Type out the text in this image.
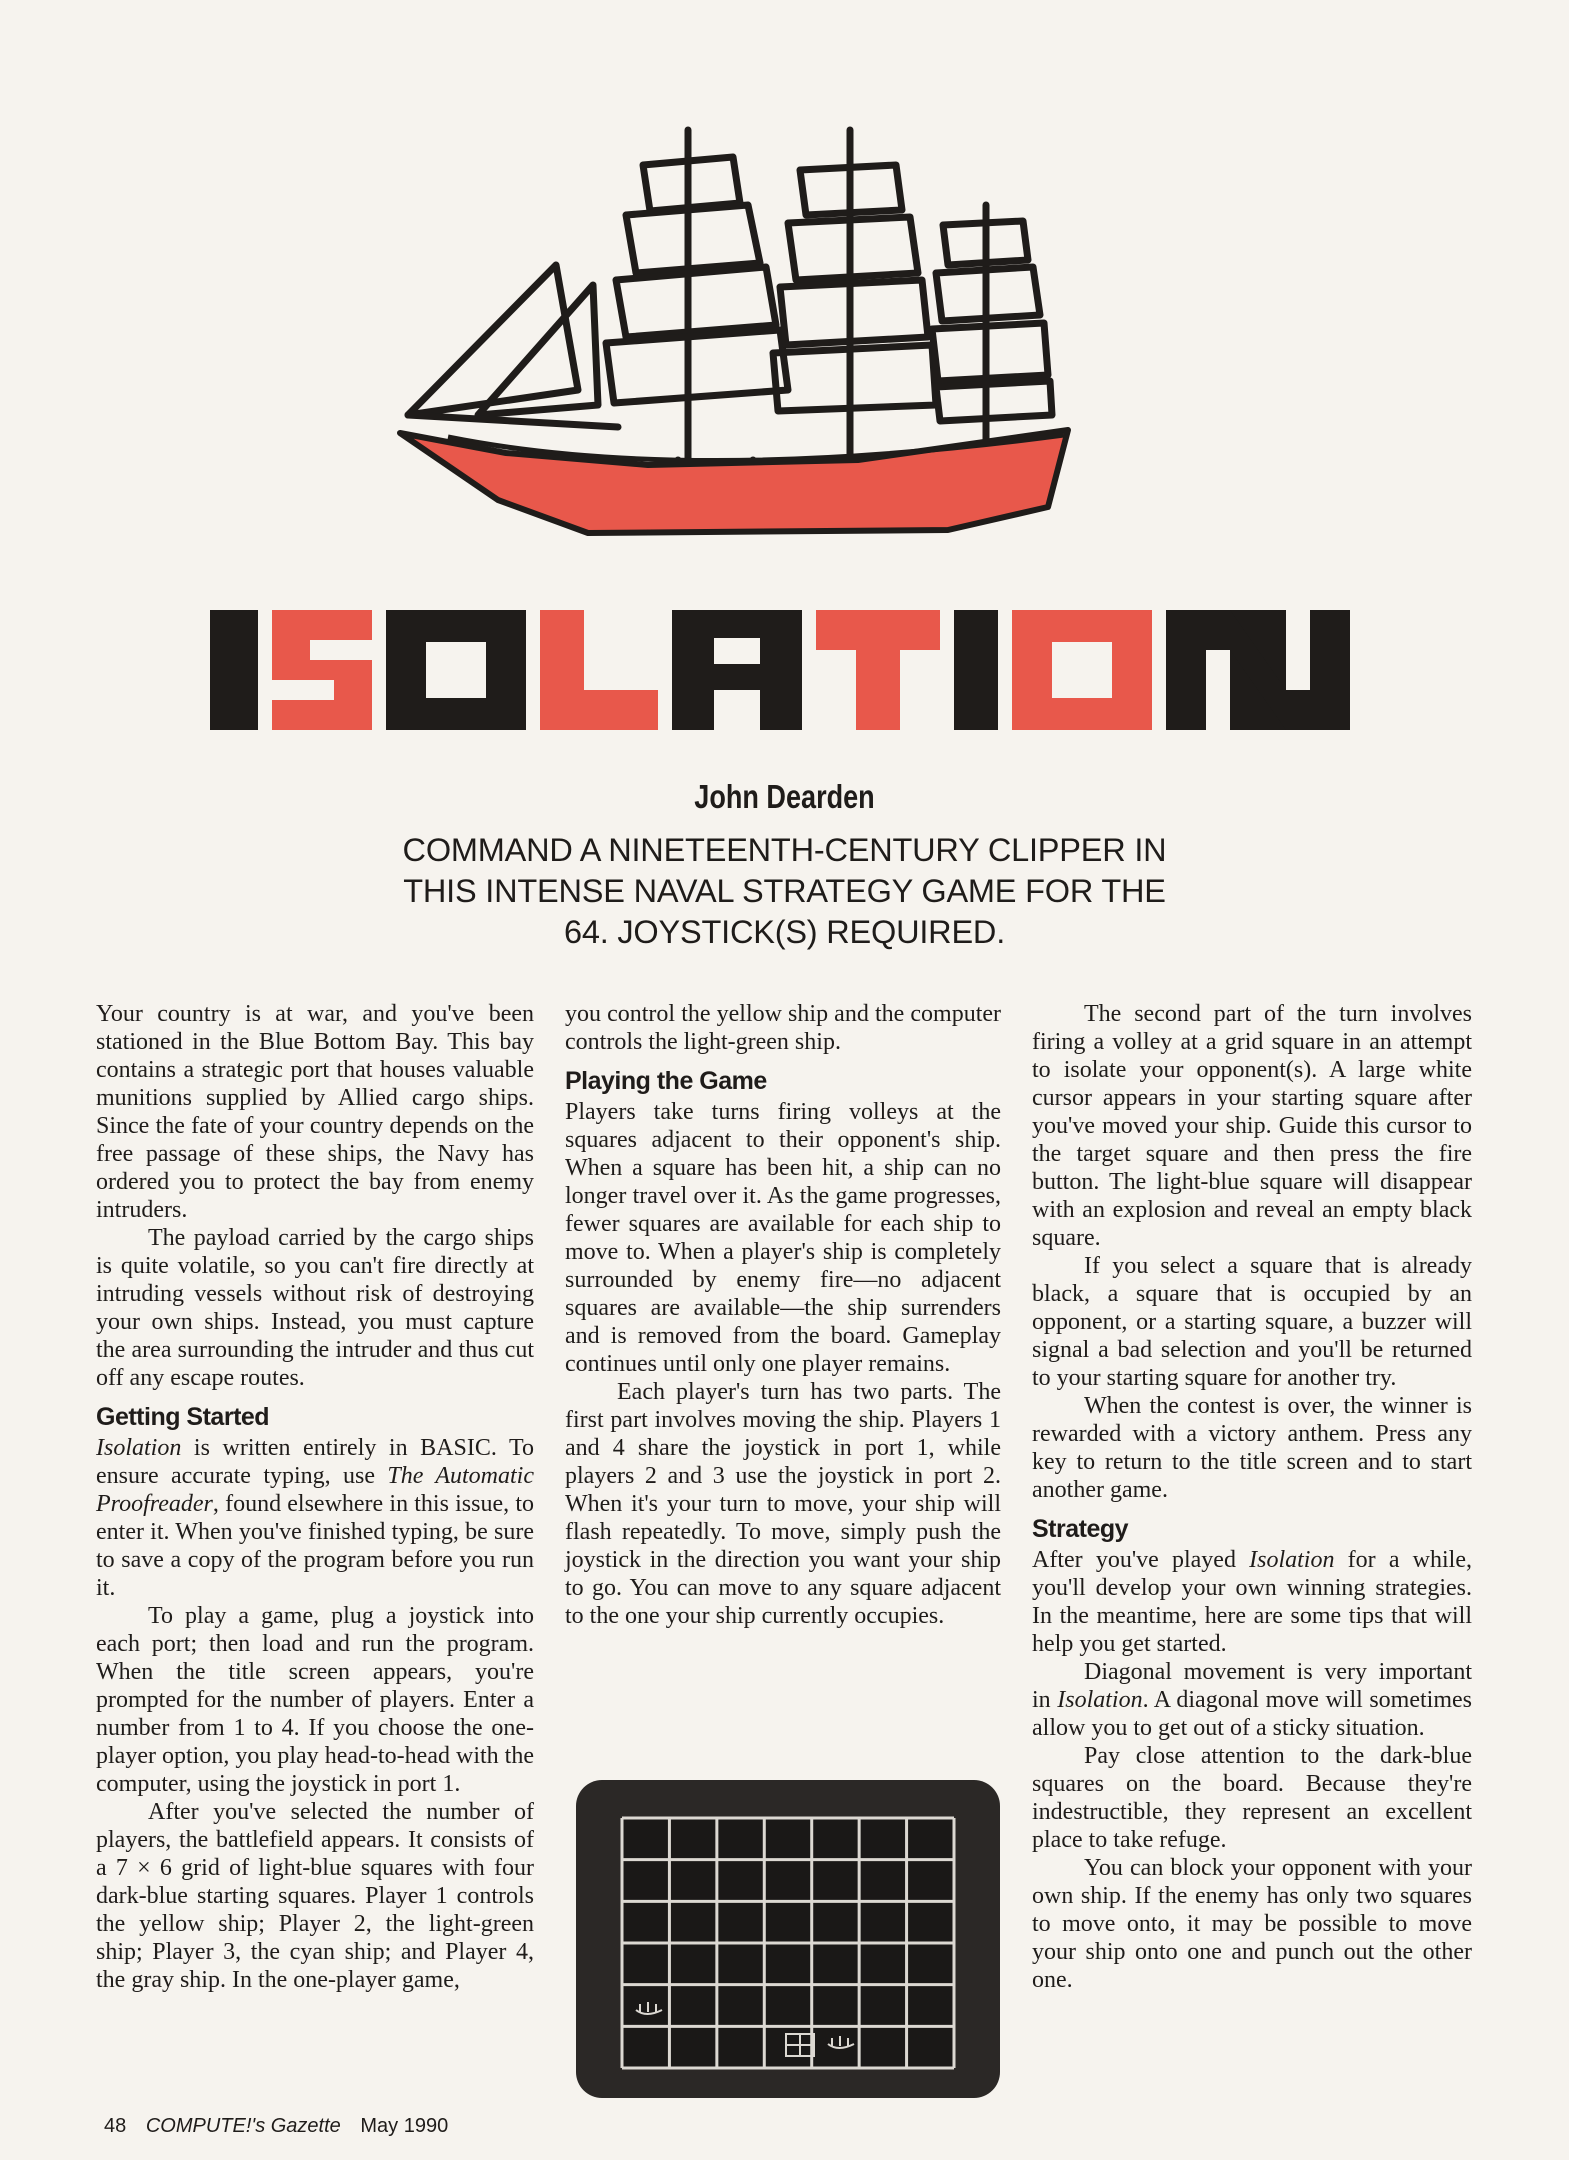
ISOLATION
John Dearden
COMMAND A NINETEENTH-CENTURY CLIPPER IN THIS INTENSE NAVAL STRATEGY GAME FOR THE 64. JOYSTICK(S) REQUIRED.

Your country is at war, and you've been stationed in the Blue Bottom Bay. This bay contains a strategic port that houses valuable munitions supplied by Allied cargo ships. Since the fate of your country depends on the free passage of these ships, the Navy has ordered you to protect the bay from enemy intruders.

The payload carried by the cargo ships is quite volatile, so you can't fire directly at intruding vessels without risk of destroying your own ships. Instead, you must capture the area surrounding the intruder and thus cut off any escape routes.

Getting Started

Isolation is written entirely in BASIC. To ensure accurate typing, use The Automatic Proofreader, found elsewhere in this issue, to enter it. When you've finished typing, be sure to save a copy of the program before you run it.

To play a game, plug a joystick into each port; then load and run the program. When the title screen appears, you're prompted for the number of players. Enter a number from 1 to 4. If you choose the one-player option, you play head-to-head with the computer, using the joystick in port 1.

After you've selected the number of players, the battlefield appears. It consists of a 7 × 6 grid of light-blue squares with four dark-blue starting squares. Player 1 controls the yellow ship; Player 2, the light-green ship; Player 3, the cyan ship; and Player 4, the gray ship. In the one-player game,

you control the yellow ship and the computer controls the light-green ship.

Playing the Game

Players take turns firing volleys at the squares adjacent to their opponent's ship. When a square has been hit, a ship can no longer travel over it. As the game progresses, fewer squares are available for each ship to move to. When a player's ship is completely surrounded by enemy fire—no adjacent squares are available—the ship surrenders and is removed from the board. Gameplay continues until only one player remains.

Each player's turn has two parts. The first part involves moving the ship. Players 1 and 4 share the joystick in port 1, while players 2 and 3 use the joystick in port 2. When it's your turn to move, your ship will flash repeatedly. To move, simply push the joystick in the direction you want your ship to go. You can move to any square adjacent to the one your ship currently occupies.

The second part of the turn involves firing a volley at a grid square in an attempt to isolate your opponent(s). A large white cursor appears in your starting square after you've moved your ship. Guide this cursor to the target square and then press the fire button. The light-blue square will disappear with an explosion and reveal an empty black square.

If you select a square that is already black, a square that is occupied by an opponent, or a starting square, a buzzer will signal a bad selection and you'll be returned to your starting square for another try.

When the contest is over, the winner is rewarded with a victory anthem. Press any key to return to the title screen and to start another game.

Strategy

After you've played Isolation for a while, you'll develop your own winning strategies. In the meantime, here are some tips that will help you get started.

Diagonal movement is very important in Isolation. A diagonal move will sometimes allow you to get out of a sticky situation.

Pay close attention to the dark-blue squares on the board. Because they're indestructible, they represent an excellent place to take refuge.

You can block your opponent with your own ship. If the enemy has only two squares to move onto, it may be possible to move your ship onto one and punch out the other one.

48 COMPUTE!'s Gazette May 1990
